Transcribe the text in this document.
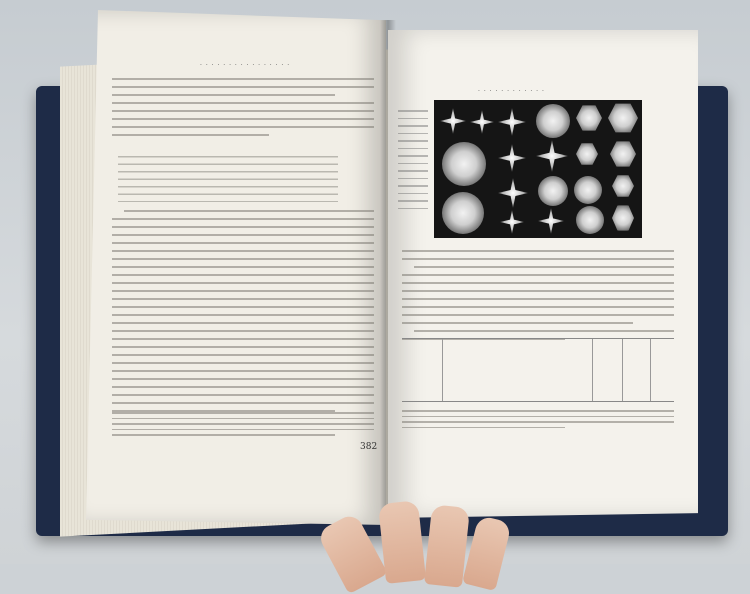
· · · · · · · · · · · · · · · ·
382
· · · · · · · · · · · ·
